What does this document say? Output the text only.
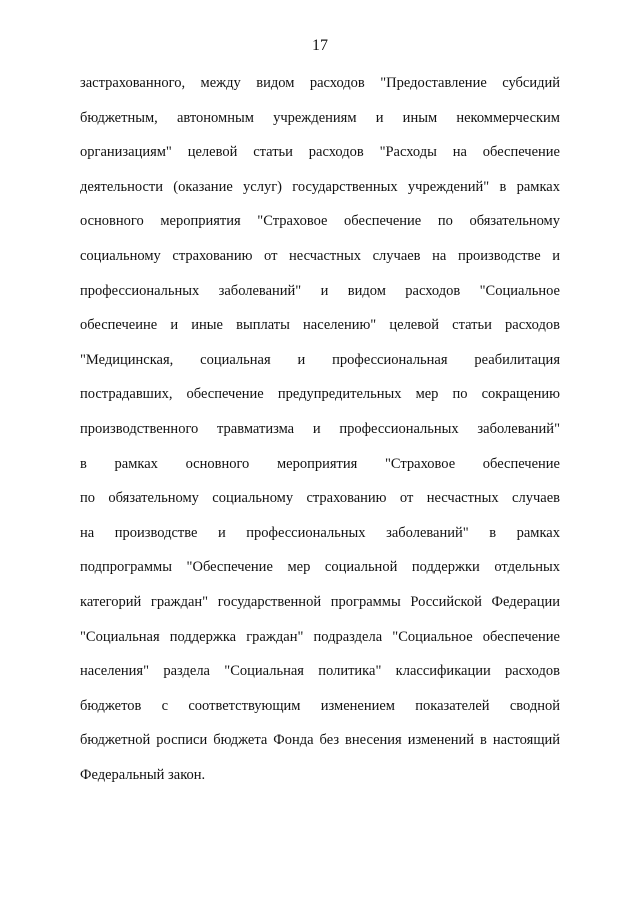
17
застрахованного, между видом расходов "Предоставление субсидий
бюджетным, автономным учреждениям и иным некоммерческим
организациям" целевой статьи расходов "Расходы на обеспечение
деятельности (оказание услуг) государственных учреждений" в рамках
основного мероприятия "Страховое обеспечение по обязательному
социальному страхованию от несчастных случаев на производстве и
профессиональных заболеваний" и видом расходов "Социальное
обеспечеине и иные выплаты населению" целевой статьи расходов
"Медицинская, социальная и профессиональная реабилитация
пострадавших, обеспечение предупредительных мер по сокращению
производственного травматизма и профессиональных заболеваний"
в рамках основного мероприятия "Страховое обеспечение
по обязательному социальному страхованию от несчастных случаев
на производстве и профессиональных заболеваний" в рамках
подпрограммы "Обеспечение мер социальной поддержки отдельных
категорий граждан" государственной программы Российской Федерации
"Социальная поддержка граждан" подраздела "Социальное обеспечение
населения" раздела "Социальная политика" классификации расходов
бюджетов с соответствующим изменением показателей сводной
бюджетной росписи бюджета Фонда без внесения изменений в настоящий
Федеральный закон.
